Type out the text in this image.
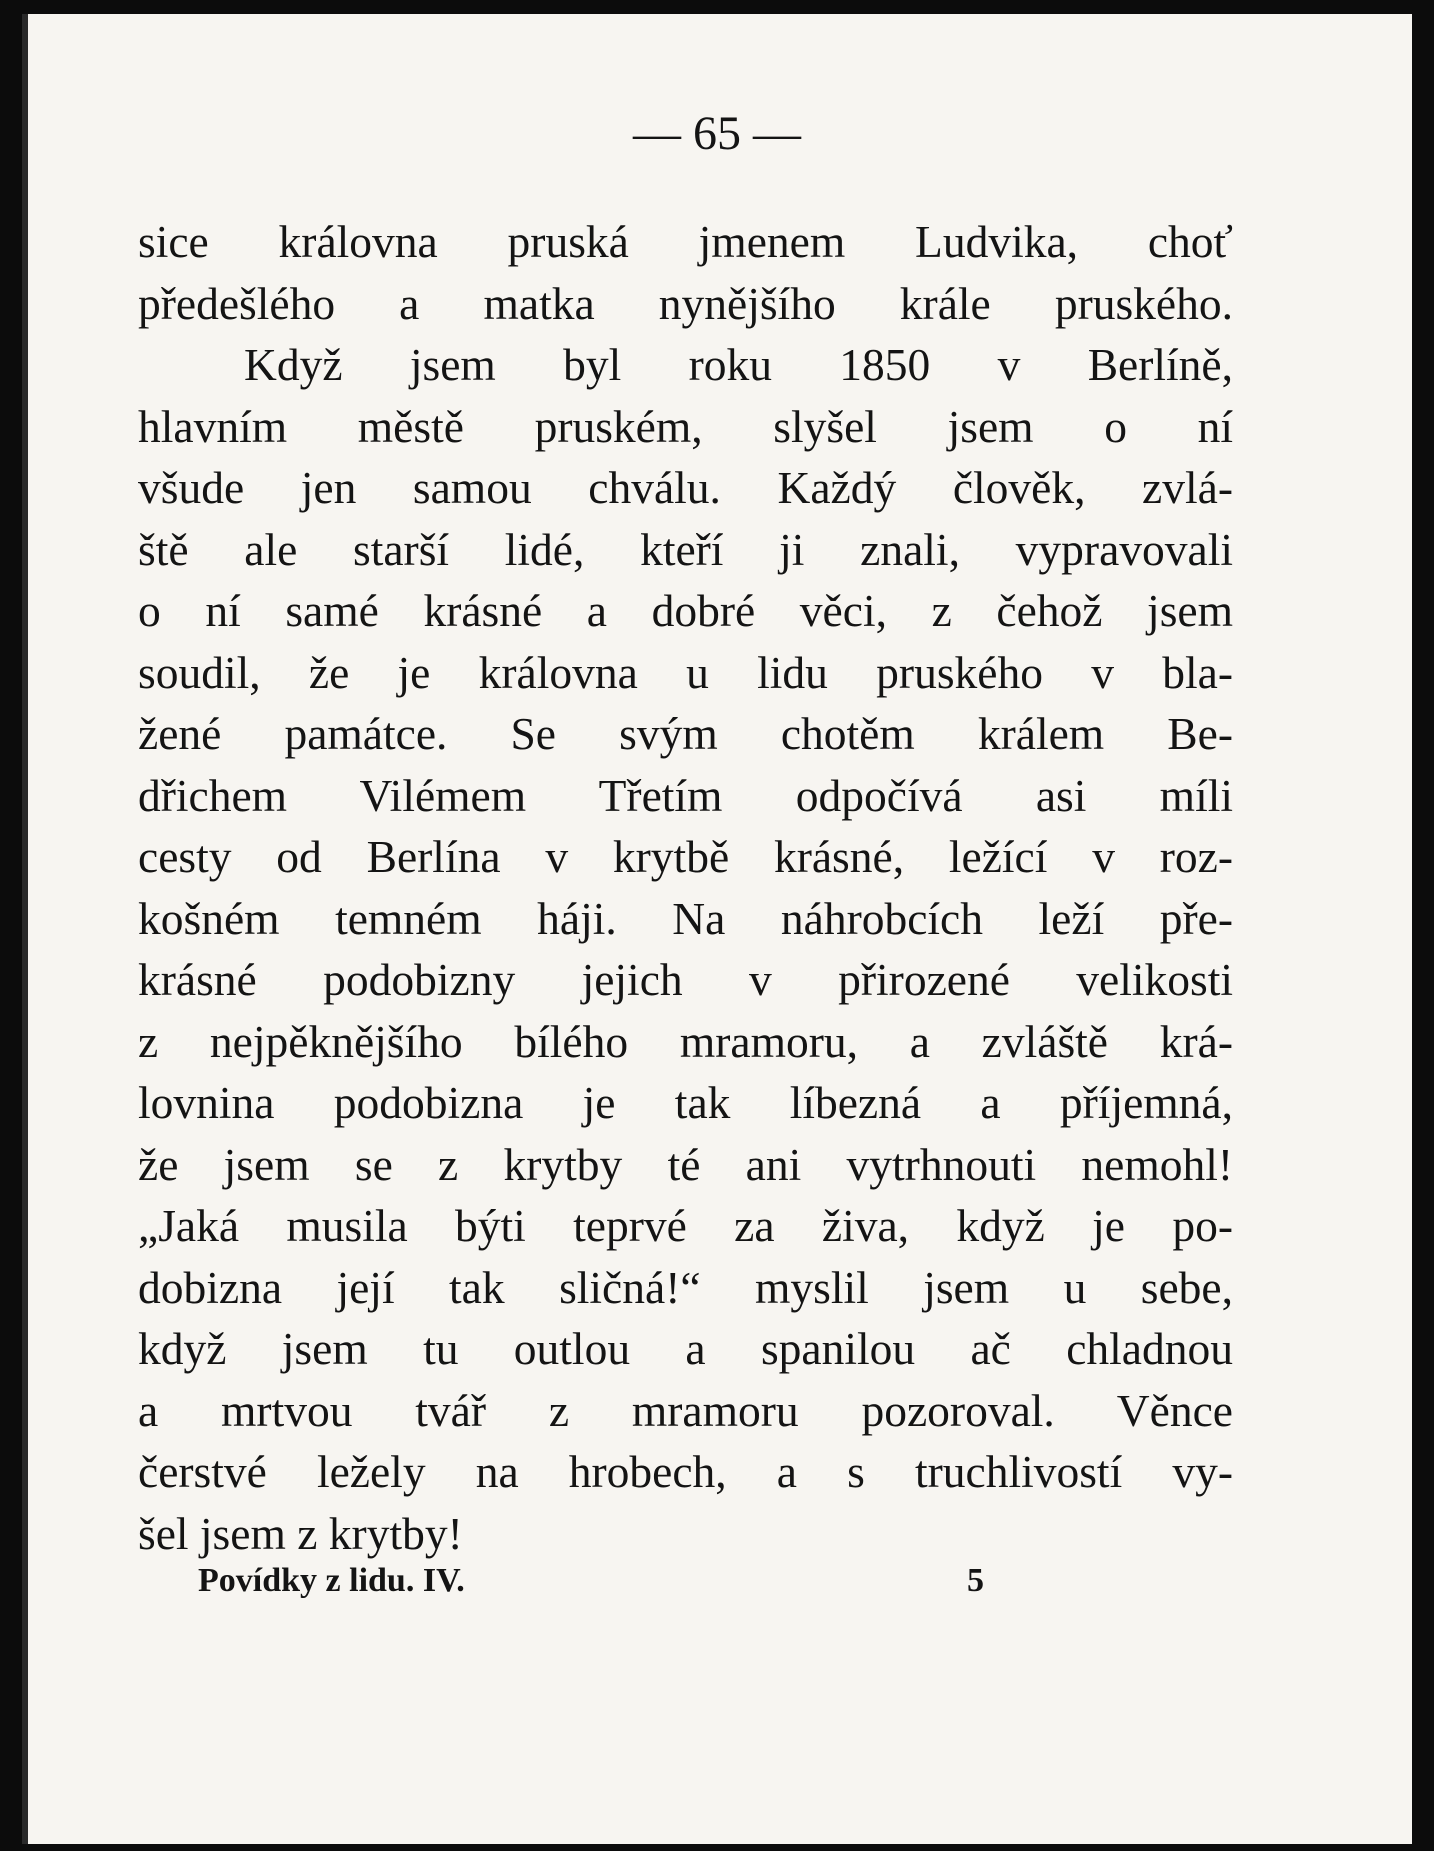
— 65 —
sice královna pruská jmenem Ludvika, choť
předešlého a matka nynějšího krále pruského.
Když jsem byl roku 1850 v Berlíně,
hlavním městě pruském, slyšel jsem o ní
všude jen samou chválu. Každý člověk, zvlá-
ště ale starší lidé, kteří ji znali, vypravovali
o ní samé krásné a dobré věci, z čehož jsem
soudil, že je královna u lidu pruského v bla-
žené památce. Se svým chotěm králem Be-
dřichem Vilémem Třetím odpočívá asi míli
cesty od Berlína v krytbě krásné, ležící v roz-
košném temném háji. Na náhrobcích leží pře-
krásné podobizny jejich v přirozené velikosti
z nejpěknějšího bílého mramoru, a zvláště krá-
lovnina podobizna je tak líbezná a příjemná,
že jsem se z krytby té ani vytrhnouti nemohl!
„Jaká musila býti teprvé za živa, když je po-
dobizna její tak sličná!“ myslil jsem u sebe,
když jsem tu outlou a spanilou ač chladnou
a mrtvou tvář z mramoru pozoroval. Věnce
čerstvé ležely na hrobech, a s truchlivostí vy-
šel jsem z krytby!
Povídky z lidu. IV.	5
